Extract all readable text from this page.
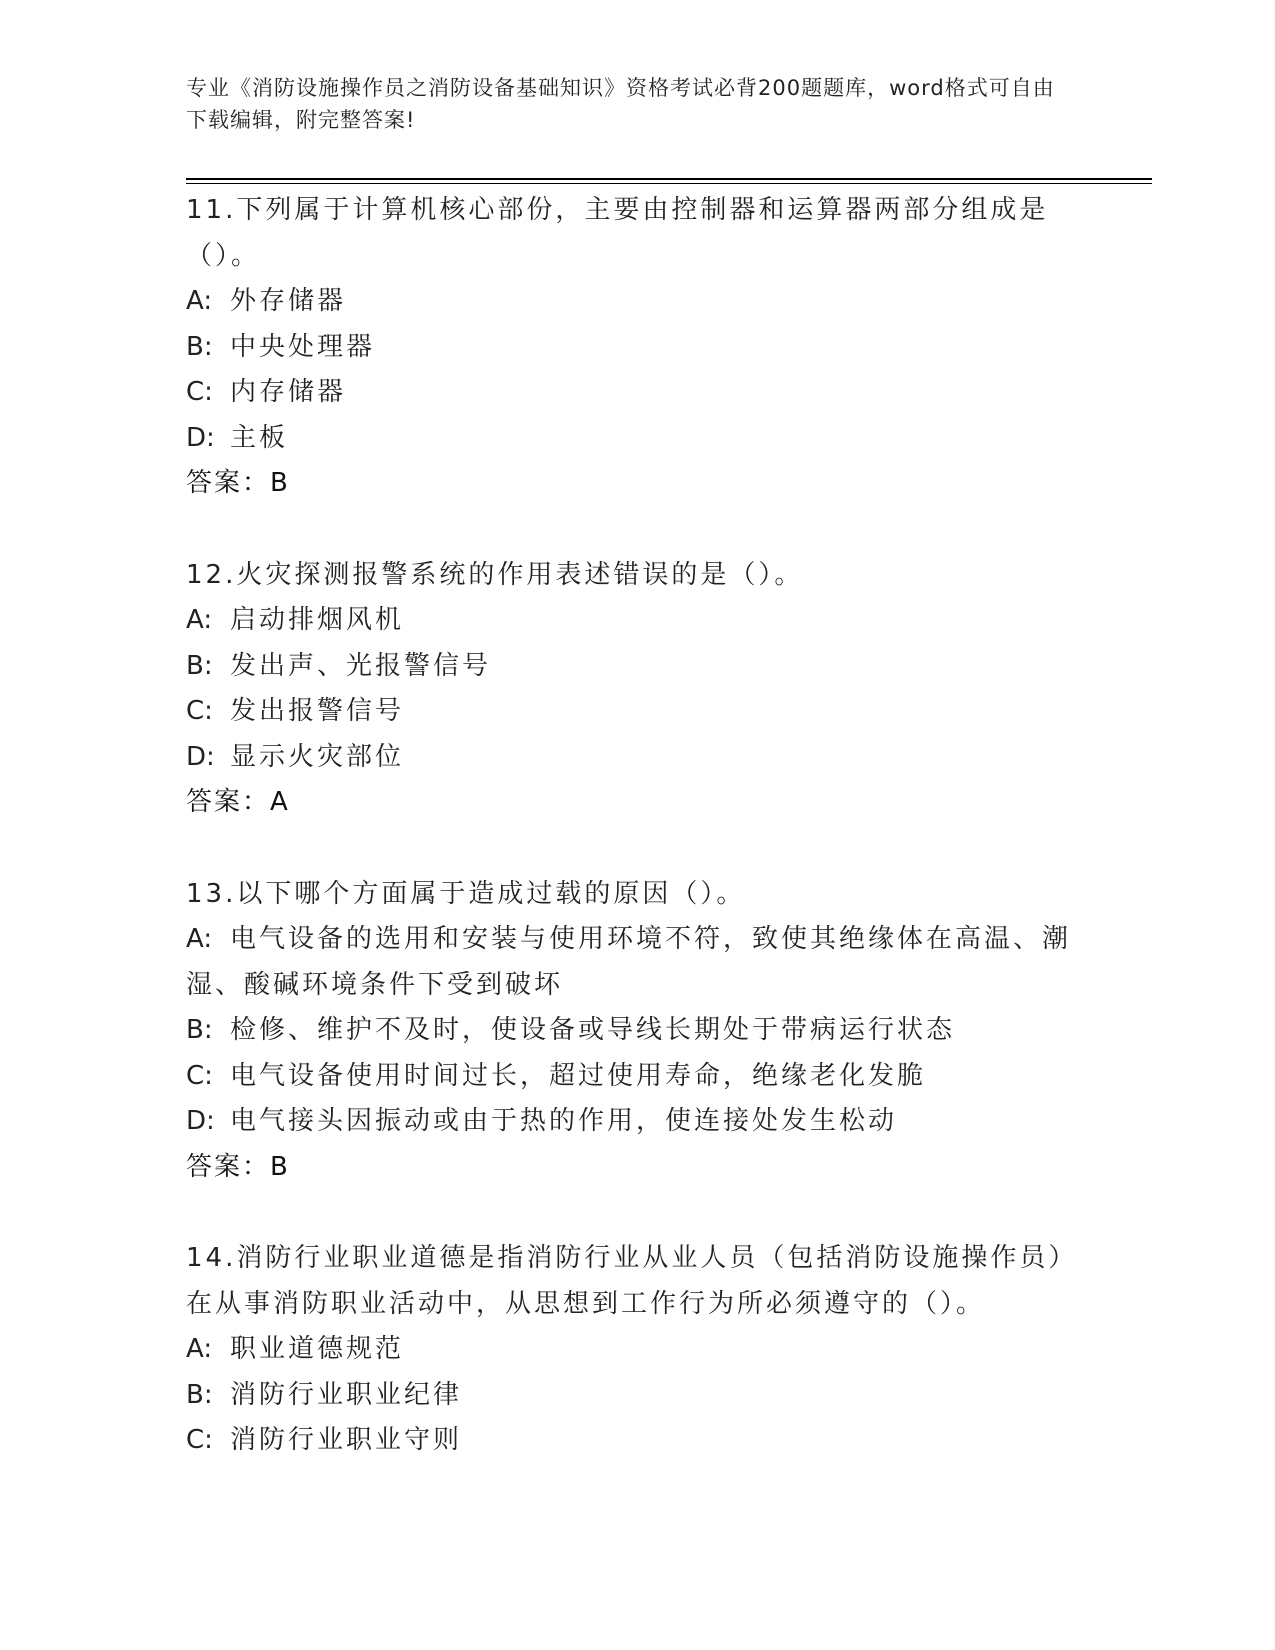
专业《消防设施操作员之消防设备基础知识》资格考试必背200题题库，word格式可自由下载编辑，附完整答案!
11.下列属于计算机核心部份，主要由控制器和运算器两部分组成是（）。
A: 外存储器
B: 中央处理器
C: 内存储器
D: 主板
答案：B
12.火灾探测报警系统的作用表述错误的是（）。
A: 启动排烟风机
B: 发出声、光报警信号
C: 发出报警信号
D: 显示火灾部位
答案：A
13.以下哪个方面属于造成过载的原因（）。
A: 电气设备的选用和安装与使用环境不符，致使其绝缘体在高温、潮湿、酸碱环境条件下受到破坏
B: 检修、维护不及时，使设备或导线长期处于带病运行状态
C: 电气设备使用时间过长，超过使用寿命，绝缘老化发脆
D: 电气接头因振动或由于热的作用，使连接处发生松动
答案：B
14.消防行业职业道德是指消防行业从业人员（包括消防设施操作员）在从事消防职业活动中，从思想到工作行为所必须遵守的（）。
A: 职业道德规范
B: 消防行业职业纪律
C: 消防行业职业守则
